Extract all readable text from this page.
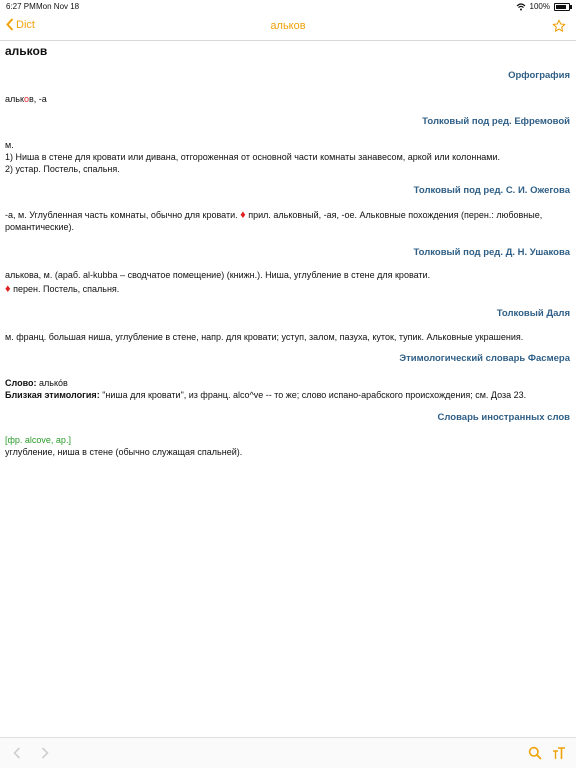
6:27 PM Mon Nov 18	100%
Dict	альков
альков
Орфография
альков, -а
Толковый под ред. Ефремовой
м.
1) Ниша в стене для кровати или дивана, отгороженная от основной части комнаты занавесом, аркой или колоннами.
2) устар. Постель, спальня.
Толковый под ред. С. И. Ожегова
-а, м. Углубленная часть комнаты, обычно для кровати. ♦ прил. альковный, -ая, -ое. Альковные похождения (перен.: любовные,
романтические).
Толковый под ред. Д. Н. Ушакова
алькова, м. (араб. al-kubba – сводчатое помещение) (книжн.). Ниша, углубление в стене для кровати.
♦ перен. Постель, спальня.
Толковый Даля
м. франц. большая ниша, углубление в стене, напр. для кровати; уступ, залом, пазуха, куток, тупик. Альковные украшения.
Этимологический словарь Фасмера
Слово: алько́в
Близкая этимология: "ниша для кровати", из франц. alco^ve -- то же; слово испано-арабского происхождения; см. Доза 23.
Словарь иностранных слов
[фр. alcove, ар.]
углубление, ниша в стене (обычно служащая спальней).
